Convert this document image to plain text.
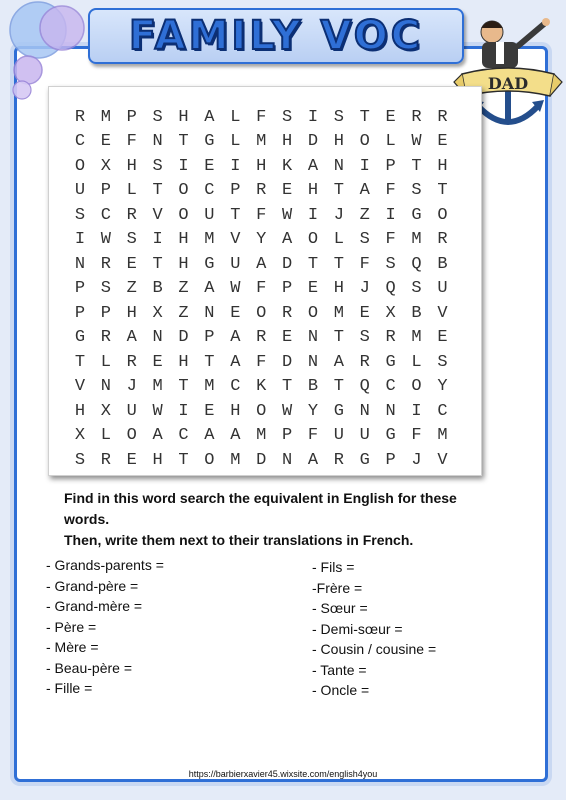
FAMILY VOC
DAD
R M P S H A L F S I S T E R R
C E F N T G L M H D H O L W E
O X H S I E I H K A N I P T H
U P L T O C P R E H T A F S T
S C R V O U T F W I J Z I G O
I W S I H M V Y A O L S F M R
N R E T H G U A D T T F S Q B
P S Z B Z A W F P E H J Q S U
P P H X Z N E O R O M E X B V
G R A N D P A R E N T S R M E
T L R E H T A F D N A R G L S
V N J M T M C K T B T Q C O Y
H X U W I E H O W Y G N N I C
X L O A C A A M P F U U G F M
S R E H T O M D N A R G P J V
Find in this word search the equivalent in English for these words.
Then, write them next to their translations in French.
- Grands-parents =
- Grand-père =
- Grand-mère =
- Père =
- Mère =
- Beau-père =
- Fille =
- Fils =
-Frère =
- Sœur =
- Demi-sœur =
- Cousin / cousine =
- Tante =
- Oncle =
https://barbierxavier45.wixsite.com/english4you
